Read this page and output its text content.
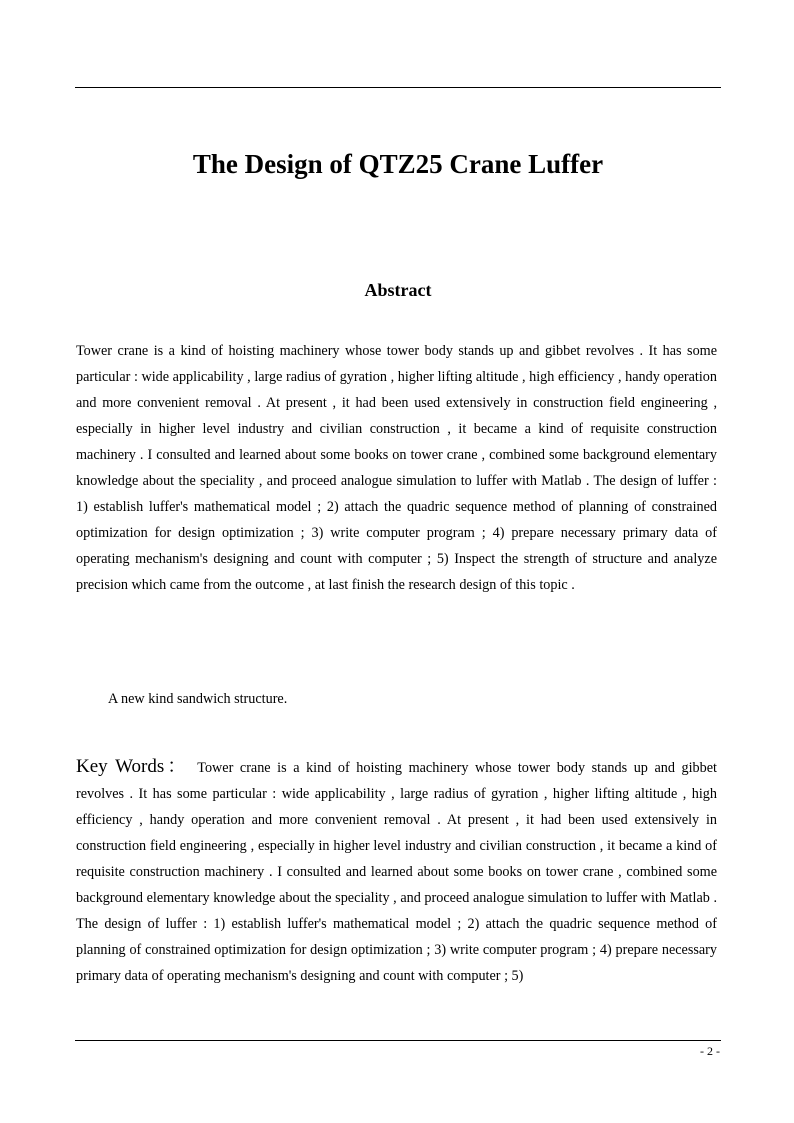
The Design of QTZ25 Crane Luffer
Abstract

Tower crane is a kind of hoisting machinery whose tower body stands up and gibbet revolves . It has some particular : wide applicability , large radius of gyration , higher lifting altitude , high efficiency , handy operation and more convenient removal . At present , it had been used extensively in construction field engineering , especially in higher level industry and civilian construction , it became a kind of requisite construction machinery . I consulted and learned about some books on tower crane , combined some background elementary knowledge about the speciality , and proceed analogue simulation to luffer with Matlab . The design of luffer : 1) establish luffer's mathematical model ; 2) attach the quadric sequence method of planning of constrained optimization for design optimization ; 3) write computer program ; 4) prepare necessary primary data of operating mechanism's designing and count with computer ; 5) Inspect the strength of structure and analyze precision which came from the outcome , at last finish the research design of this topic .

A new kind sandwich structure.

Key Words： Tower crane is a kind of hoisting machinery whose tower body stands up and gibbet revolves . It has some particular : wide applicability , large radius of gyration , higher lifting altitude , high efficiency , handy operation and more convenient removal . At present , it had been used extensively in construction field engineering , especially in higher level industry and civilian construction , it became a kind of requisite construction machinery . I consulted and learned about some books on tower crane , combined some background elementary knowledge about the speciality , and proceed analogue simulation to luffer with Matlab . The design of luffer : 1) establish luffer's mathematical model ; 2) attach the quadric sequence method of planning of constrained optimization for design optimization ; 3) write computer program ; 4) prepare necessary primary data of operating mechanism's designing and count with computer ; 5)

- 2 -
